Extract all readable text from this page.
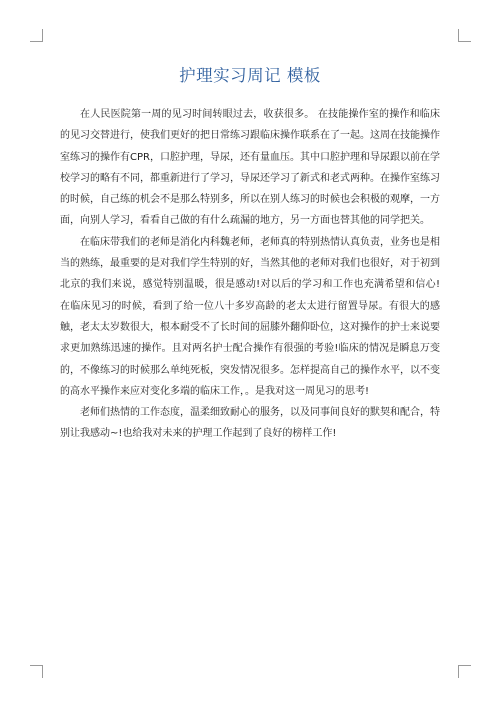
护理实习周记 模板

在人民医院第一周的见习时间转眼过去，收获很多。 在技能操作室的操作和临床的见习交替进行，使我们更好的把日常练习跟临床操作联系在了一起。这周在技能操作室练习的操作有CPR，口腔护理，导尿，还有量血压。其中口腔护理和导尿跟以前在学校学习的略有不同，都重新进行了学习，导尿还学习了新式和老式两种。在操作室练习的时候，自己练的机会不是那么特别多，所以在别人练习的时候也会积极的观摩，一方面，向别人学习，看看自己做的有什么疏漏的地方，另一方面也替其他的同学把关。

在临床带我们的老师是消化内科魏老师，老师真的特别热情认真负责，业务也是相当的熟练，最重要的是对我们学生特别的好，当然其他的老师对我们也很好，对于初到北京的我们来说，感觉特别温暖，很是感动!对以后的学习和工作也充满希望和信心! 在临床见习的时候，看到了给一位八十多岁高龄的老太太进行留置导尿。有很大的感触，老太太岁数很大，根本耐受不了长时间的屈膝外翻仰卧位，这对操作的护士来说要求更加熟练迅速的操作。且对两名护士配合操作有很强的考验!临床的情况是瞬息万变的，不像练习的时候那么单纯死板，突发情况很多。怎样提高自己的操作水平，以不变的高水平操作来应对变化多端的临床工作，。是我对这一周见习的思考!

老师们热情的工作态度，温柔细致耐心的服务，以及同事间良好的默契和配合，特别让我感动~!也给我对未来的护理工作起到了良好的榜样工作!
